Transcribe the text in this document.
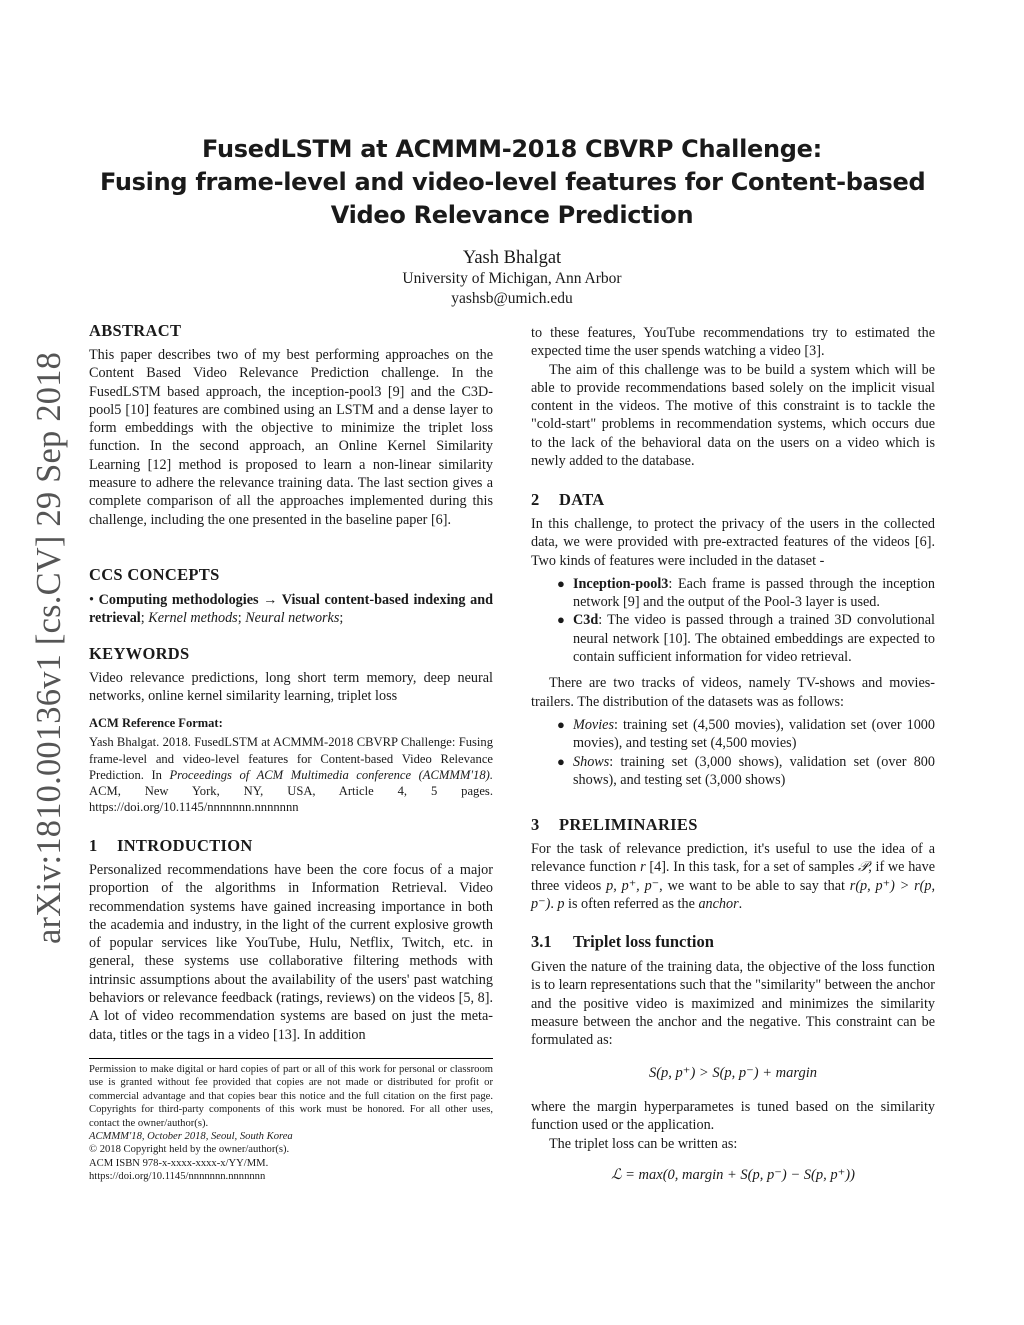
FusedLSTM at ACMMM-2018 CBVRP Challenge:
Fusing frame-level and video-level features for Content-based
Video Relevance Prediction
Yash Bhalgat
University of Michigan, Ann Arbor
yashsb@umich.edu
arXiv:1810.00136v1 [cs.CV] 29 Sep 2018
ABSTRACT

This paper describes two of my best performing approaches on the Content Based Video Relevance Prediction challenge. In the FusedLSTM based approach, the inception-pool3 [9] and the C3D-pool5 [10] features are combined using an LSTM and a dense layer to form embeddings with the objective to minimize the triplet loss function. In the second approach, an Online Kernel Similarity Learning [12] method is proposed to learn a non-linear similarity measure to adhere the relevance training data. The last section gives a complete comparison of all the approaches implemented during this challenge, including the one presented in the baseline paper [6].

CCS CONCEPTS

• Computing methodologies → Visual content-based indexing and retrieval; Kernel methods; Neural networks;

KEYWORDS

Video relevance predictions, long short term memory, deep neural networks, online kernel similarity learning, triplet loss

ACM Reference Format:

Yash Bhalgat. 2018. FusedLSTM at ACMMM-2018 CBVRP Challenge: Fusing frame-level and video-level features for Content-based Video Relevance Prediction. In Proceedings of ACM Multimedia conference (ACMMM'18). ACM, New York, NY, USA, Article 4, 5 pages. https://doi.org/10.1145/nnnnnnn.nnnnnnn

1 INTRODUCTION

Personalized recommendations have been the core focus of a major proportion of the algorithms in Information Retrieval. Video recommendation systems have gained increasing importance in both the academia and industry, in the light of the current explosive growth of popular services like YouTube, Hulu, Netflix, Twitch, etc. in general, these systems use collaborative filtering methods with intrinsic assumptions about the availability of the users' past watching behaviors or relevance feedback (ratings, reviews) on the videos [5, 8]. A lot of video recommendation systems are based on just the meta-data, titles or the tags in a video [13]. In addition

Permission to make digital or hard copies of part or all of this work for personal or classroom use is granted without fee provided that copies are not made or distributed for profit or commercial advantage and that copies bear this notice and the full citation on the first page. Copyrights for third-party components of this work must be honored. For all other uses, contact the owner/author(s).

ACMMM'18, October 2018, Seoul, South Korea

© 2018 Copyright held by the owner/author(s).

ACM ISBN 978-x-xxxx-xxxx-x/YY/MM.

https://doi.org/10.1145/nnnnnnn.nnnnnnn

to these features, YouTube recommendations try to estimated the expected time the user spends watching a video [3].

The aim of this challenge was to be build a system which will be able to provide recommendations based solely on the implicit visual content in the videos. The motive of this constraint is to tackle the "cold-start" problems in recommendation systems, which occurs due to the lack of the behavioral data on the users on a video which is newly added to the database.

2 DATA

In this challenge, to protect the privacy of the users in the collected data, we were provided with pre-extracted features of the videos [6]. Two kinds of features were included in the dataset -

● Inception-pool3: Each frame is passed through the inception network [9] and the output of the Pool-3 layer is used.
● C3d: The video is passed through a trained 3D convolutional neural network [10]. The obtained embeddings are expected to contain sufficient information for video retrieval.

There are two tracks of videos, namely TV-shows and movies-trailers. The distribution of the datasets was as follows:

● Movies: training set (4,500 movies), validation set (over 1000 movies), and testing set (4,500 movies)
● Shows: training set (3,000 shows), validation set (over 800 shows), and testing set (3,000 shows)
3 PRELIMINARIES

For the task of relevance prediction, it's useful to use the idea of a relevance function r [4]. In this task, for a set of samples 𝒫, if we have three videos p, p⁺, p⁻, we want to be able to say that r(p, p⁺) > r(p, p⁻). p is often referred as the anchor.

3.1 Triplet loss function

Given the nature of the training data, the objective of the loss function is to learn representations such that the "similarity" between the anchor and the positive video is maximized and minimizes the similarity measure between the anchor and the negative. This constraint can be formulated as:

S(p, p⁺) > S(p, p⁻) + margin

where the margin hyperparametes is tuned based on the similarity function used or the application.

The triplet loss can be written as:

ℒ = max(0, margin + S(p, p⁻) − S(p, p⁺))
